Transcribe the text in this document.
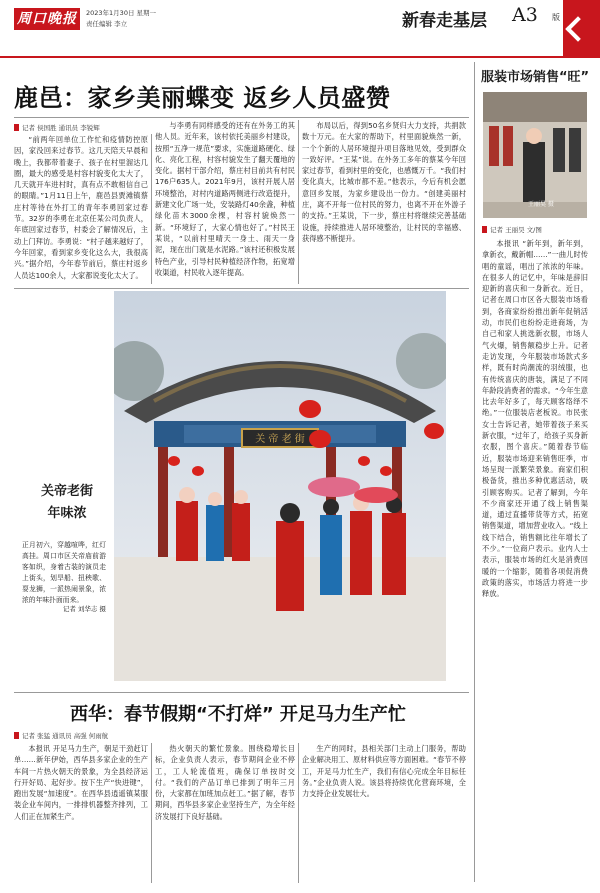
周口晚报	2023年1月30日 星期一
责任编辑 李立	新春走基层 A3 版
鹿邑：家乡美丽蝶变 返乡人员盛赞
记者 侯国胜 通讯员 李锐辉

“前两年回单位工作忙和疫情防控原因，家没回来过春节。这几天陪天早晨和晚上，我都带着妻子、孩子在村里溜达几圈，最大的感受是村容村貌变化太大了，几天就开车进村时，真有点不敢相信自己的眼睛。”1月11日上午，鹿邑县贾滩镇蔡庄村等待在外打工的青年李勇回家过春节。32岁的李勇在北京任某公司负责人，年底回家过春节，村委会了解情况后，主动上门拜访。李勇说：“村子越来越好了，今年回家，看到家乡变化这么大，我很高兴。”据介绍，今年春节前后，蔡庄村返乡人员达100余人，大家都说变化太大了。

与李勇有同样感受的还有在外务工的其他人员。近年来，该村依托美丽乡村建设，按照“五净一规范”要求，实施道路硬化、绿化、亮化工程，村容村貌发生了翻天覆地的变化。据村干部介绍，蔡庄村目前共有村民176户635人。2021年9月，该村开展人居环境整治，对村内道路两侧进行改造提升，新建文化广场一处，安装路灯40余盏，种植绿化苗木3000余棵，村容村貌焕然一新。“环境好了，大家心情也好了。”村民王某说，“以前村里晴天一身土、雨天一身泥，现在出门就是水泥路。”该村还积极发展特色产业，引导村民种植经济作物，拓宽增收渠道，村民收入逐年提高。

布局以后，得到50名乡贤归大力支持，共捐款数十万元。在大家的帮助下，村里面貌焕然一新，一个个新的人居环境提升项目落地见效，受到群众一致好评。“王某”说。在外务工多年的蔡某今年回家过春节，看到村里的变化，也感慨万千。“我们村变化真大，比城市都不差。”他表示，今后有机会愿意回乡发展，为家乡建设出一份力。“创建美丽村庄，离不开每一位村民的努力，也离不开在外游子的支持。”王某说，下一步，蔡庄村将继续完善基础设施，持续推进人居环境整治，让村民的幸福感、获得感不断提升。

关 帝 老 街
关帝老街
年味浓
正月初六，穿越喧哗，红灯高挂。周口市区关帝庙前游客如织，身着古装的演员走上街头，划旱船、扭秧歌、耍龙狮，一派热闹景象，浓浓的年味扑面而来。
记者 刘华志 摄
服装市场销售“旺”
王丽昊 摄
记者 王丽昊 文/图

本报讯 “新年到，新年到，拿新衣，戴新帽……”一曲儿时传唱的童谣，唱出了浓浓的年味。在很多人的记忆中，年味是辞旧迎新的喜庆和一身新衣。近日，记者在周口市区各大服装市场看到，各商家纷纷推出新年促销活动，市民们也纷纷走进商场，为自己和家人挑选新衣服，市场人气火爆，销售额稳步上升。记者走访发现，今年服装市场款式多样，既有时尚潮流的羽绒服，也有传统喜庆的唐装，满足了不同年龄段消费者的需求。“今年生意比去年好多了，每天顾客络绎不绝。”一位服装店老板说。市民张女士告诉记者，她带着孩子来买新衣服，“过年了，给孩子买身新衣服，图个喜庆。”随着春节临近，服装市场迎来销售旺季，市场呈现一派繁荣景象。商家们积极备货，推出多种优惠活动，吸引顾客购买。记者了解到，今年不少商家还开通了线上销售渠道，通过直播带货等方式，拓宽销售渠道，增加营业收入。“线上线下结合，销售额比往年增长了不少。”一位商户表示。业内人士表示，服装市场的红火是消费回暖的一个缩影，随着各项促消费政策的落实，市场活力将进一步释放。

西华：春节假期“不打烊” 开足马力生产忙
记者 张猛 通讯员 高强 何雨航

本报讯 开足马力生产，朝足干劲赶订单……新年伊始，西华县多家企业的生产车间一片热火朝天的景象，为全县经济运行开好局、起好步。按下生产“快进键”，跑出发展“加速度”。在西华县逍遥镇某服装企业车间内，一排排机器整齐排列，工人们正在加紧生产。

热火朝天的繁忙景象。围绕稳增长目标，企业负责人表示，春节期间企业不停工，工人轮流值班，确保订单按时交付。“我们的产品订单已排到了明年三月份，大家都在加班加点赶工。”据了解，春节期间，西华县多家企业坚持生产，为全年经济发展打下良好基础。

生产的同时，县相关部门主动上门服务，帮助企业解决用工、原材料供应等方面困难。“春节不停工，开足马力忙生产，我们有信心完成全年目标任务。”企业负责人说。该县将持续优化营商环境，全力支持企业发展壮大。
